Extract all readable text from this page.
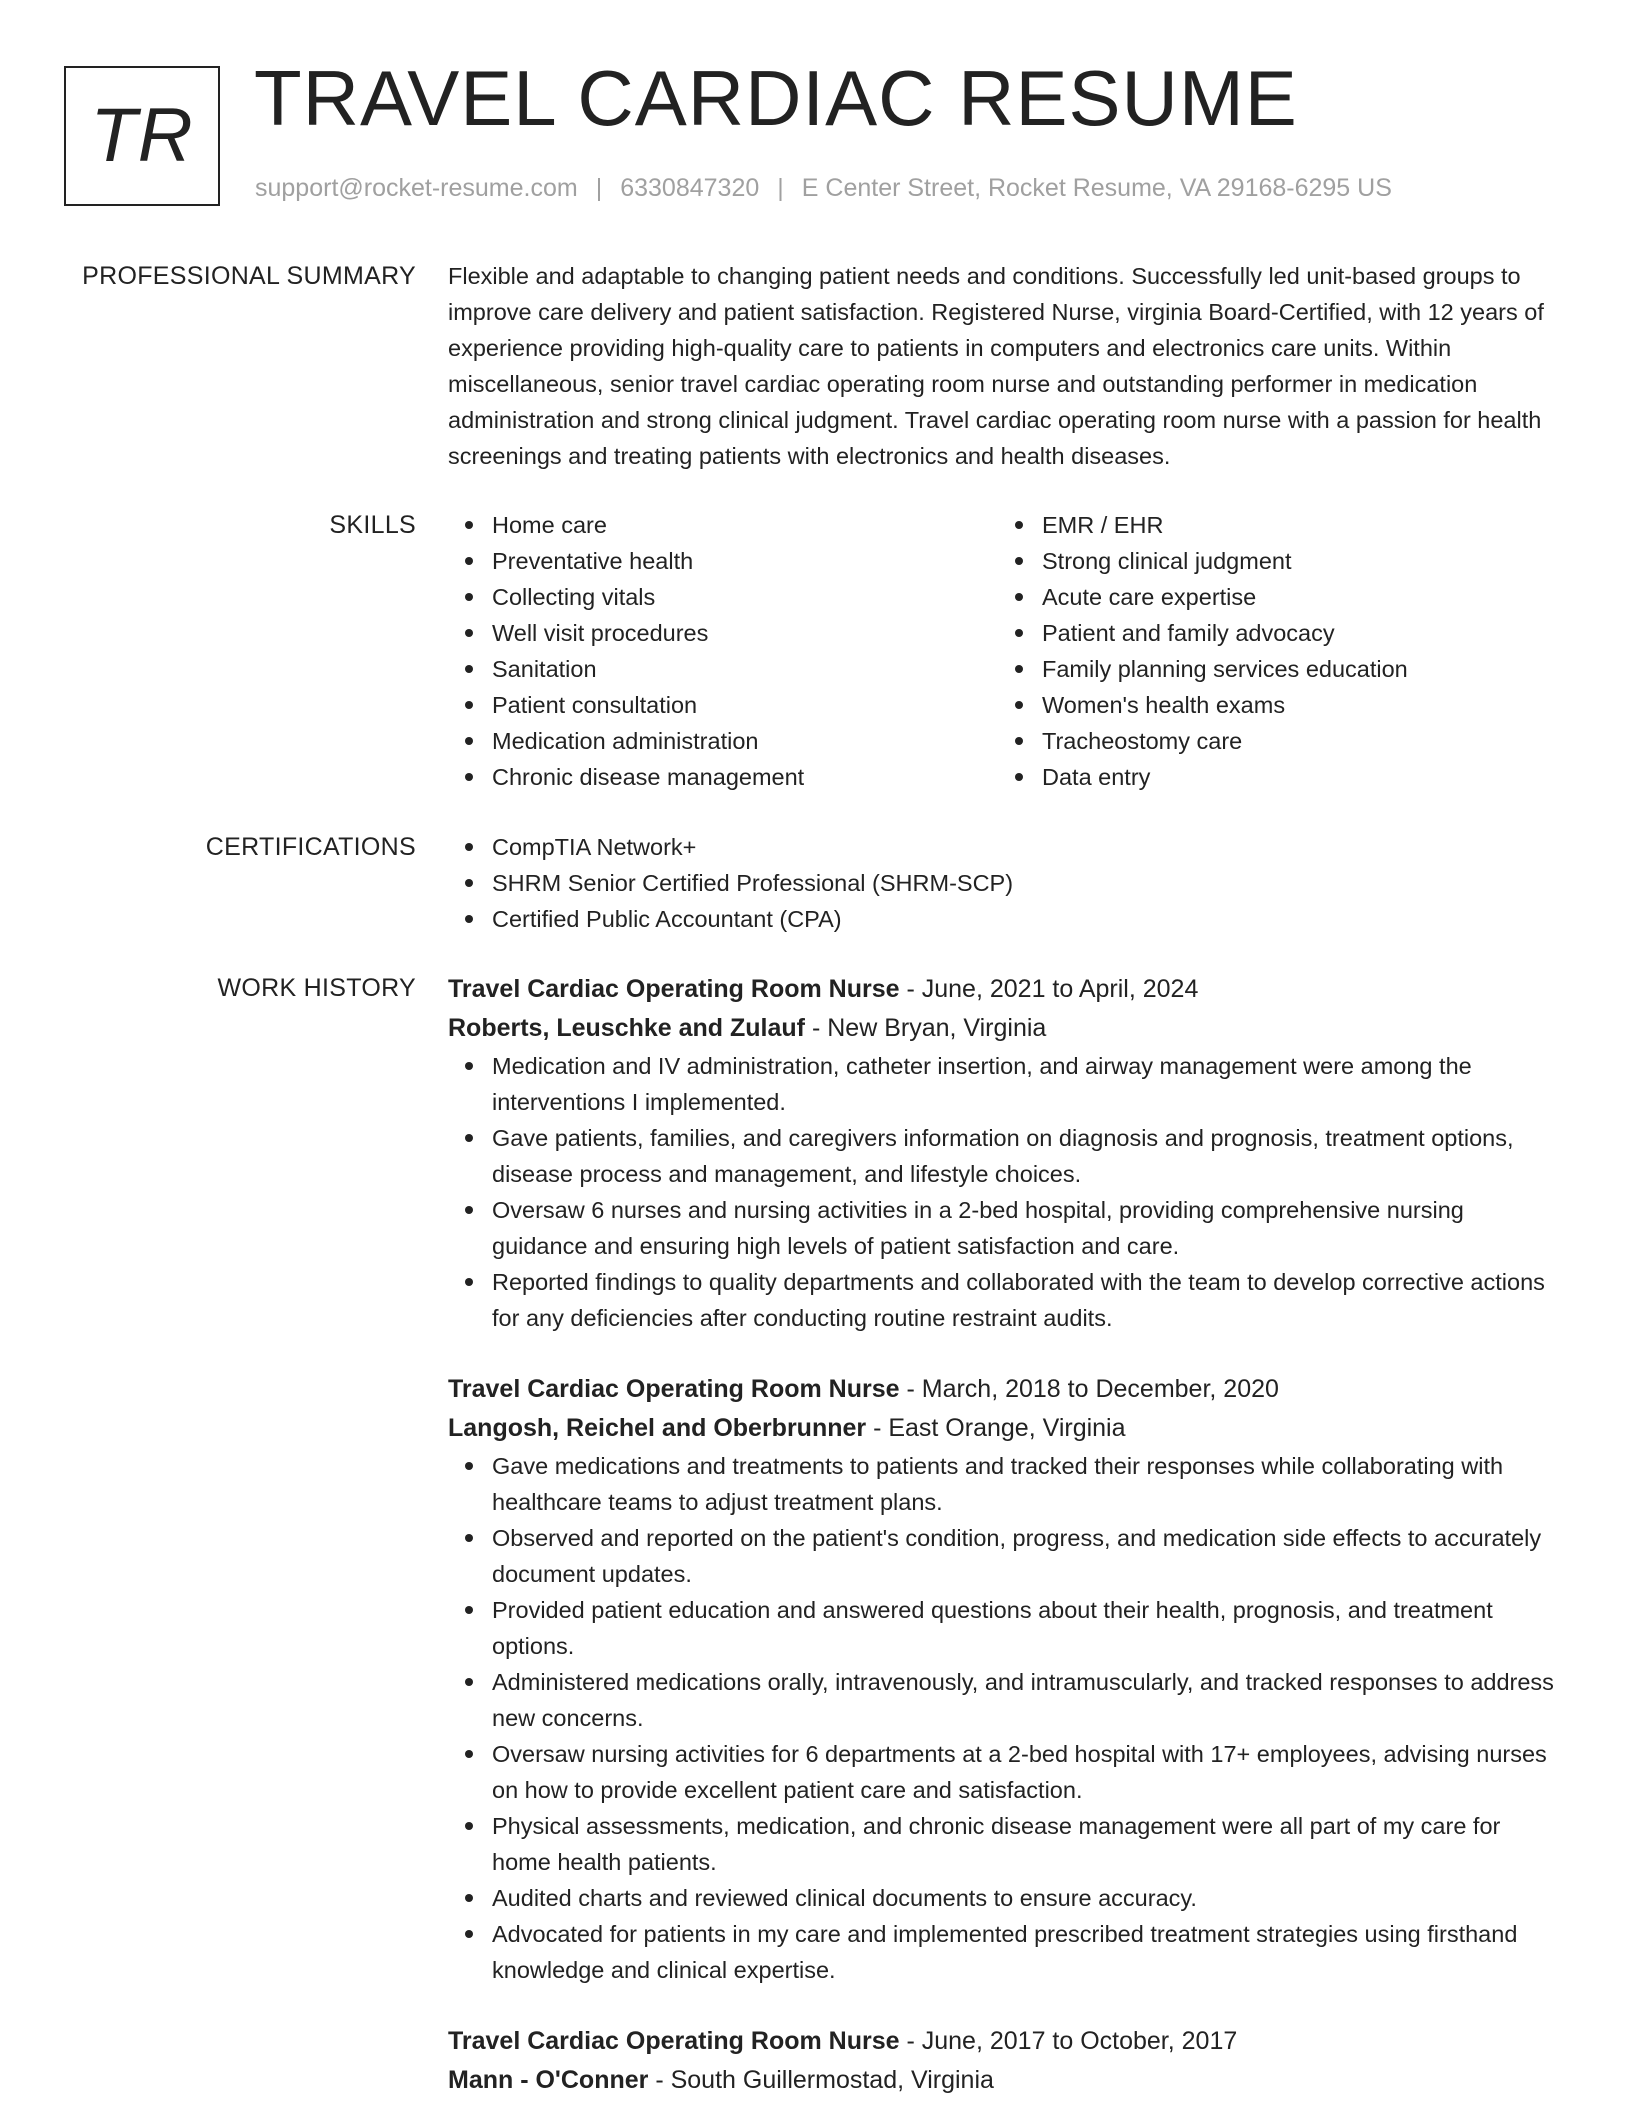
TR TRAVEL CARDIAC RESUME
support@rocket-resume.com | 6330847320 | E Center Street, Rocket Resume, VA 29168-6295 US
PROFESSIONAL SUMMARY Flexible and adaptable to changing patient needs and conditions. Successfully led unit-based groups to improve care delivery and patient satisfaction. Registered Nurse, virginia Board-Certified, with 12 years of experience providing high-quality care to patients in computers and electronics care units. Within miscellaneous, senior travel cardiac operating room nurse and outstanding performer in medication administration and strong clinical judgment. Travel cardiac operating room nurse with a passion for health screenings and treating patients with electronics and health diseases.

SKILLS	Home care
Preventative health
Collecting vitals
Well visit procedures
Sanitation
Patient consultation
Medication administration
Chronic disease management
EMR / EHR
Strong clinical judgment
Acute care expertise
Patient and family advocacy
Family planning services education
Women's health exams
Tracheostomy care
Data entry
CERTIFICATIONS	CompTIA Network+
SHRM Senior Certified Professional (SHRM-SCP)
Certified Public Accountant (CPA)
WORK HISTORY Travel Cardiac Operating Room Nurse - June, 2021 to April, 2024
Roberts, Leuschke and Zulauf - New Bryan, Virginia
Medication and IV administration, catheter insertion, and airway management were among the interventions I implemented.
Gave patients, families, and caregivers information on diagnosis and prognosis, treatment options, disease process and management, and lifestyle choices.
Oversaw 6 nurses and nursing activities in a 2-bed hospital, providing comprehensive nursing guidance and ensuring high levels of patient satisfaction and care.
Reported findings to quality departments and collaborated with the team to develop corrective actions for any deficiencies after conducting routine restraint audits.
Travel Cardiac Operating Room Nurse - March, 2018 to December, 2020
Langosh, Reichel and Oberbrunner - East Orange, Virginia
Gave medications and treatments to patients and tracked their responses while collaborating with healthcare teams to adjust treatment plans.
Observed and reported on the patient's condition, progress, and medication side effects to accurately document updates.
Provided patient education and answered questions about their health, prognosis, and treatment options.
Administered medications orally, intravenously, and intramuscularly, and tracked responses to address new concerns.
Oversaw nursing activities for 6 departments at a 2-bed hospital with 17+ employees, advising nurses on how to provide excellent patient care and satisfaction.
Physical assessments, medication, and chronic disease management were all part of my care for home health patients.
Audited charts and reviewed clinical documents to ensure accuracy.
Advocated for patients in my care and implemented prescribed treatment strategies using firsthand knowledge and clinical expertise.
Travel Cardiac Operating Room Nurse - June, 2017 to October, 2017
Mann - O'Conner - South Guillermostad, Virginia
